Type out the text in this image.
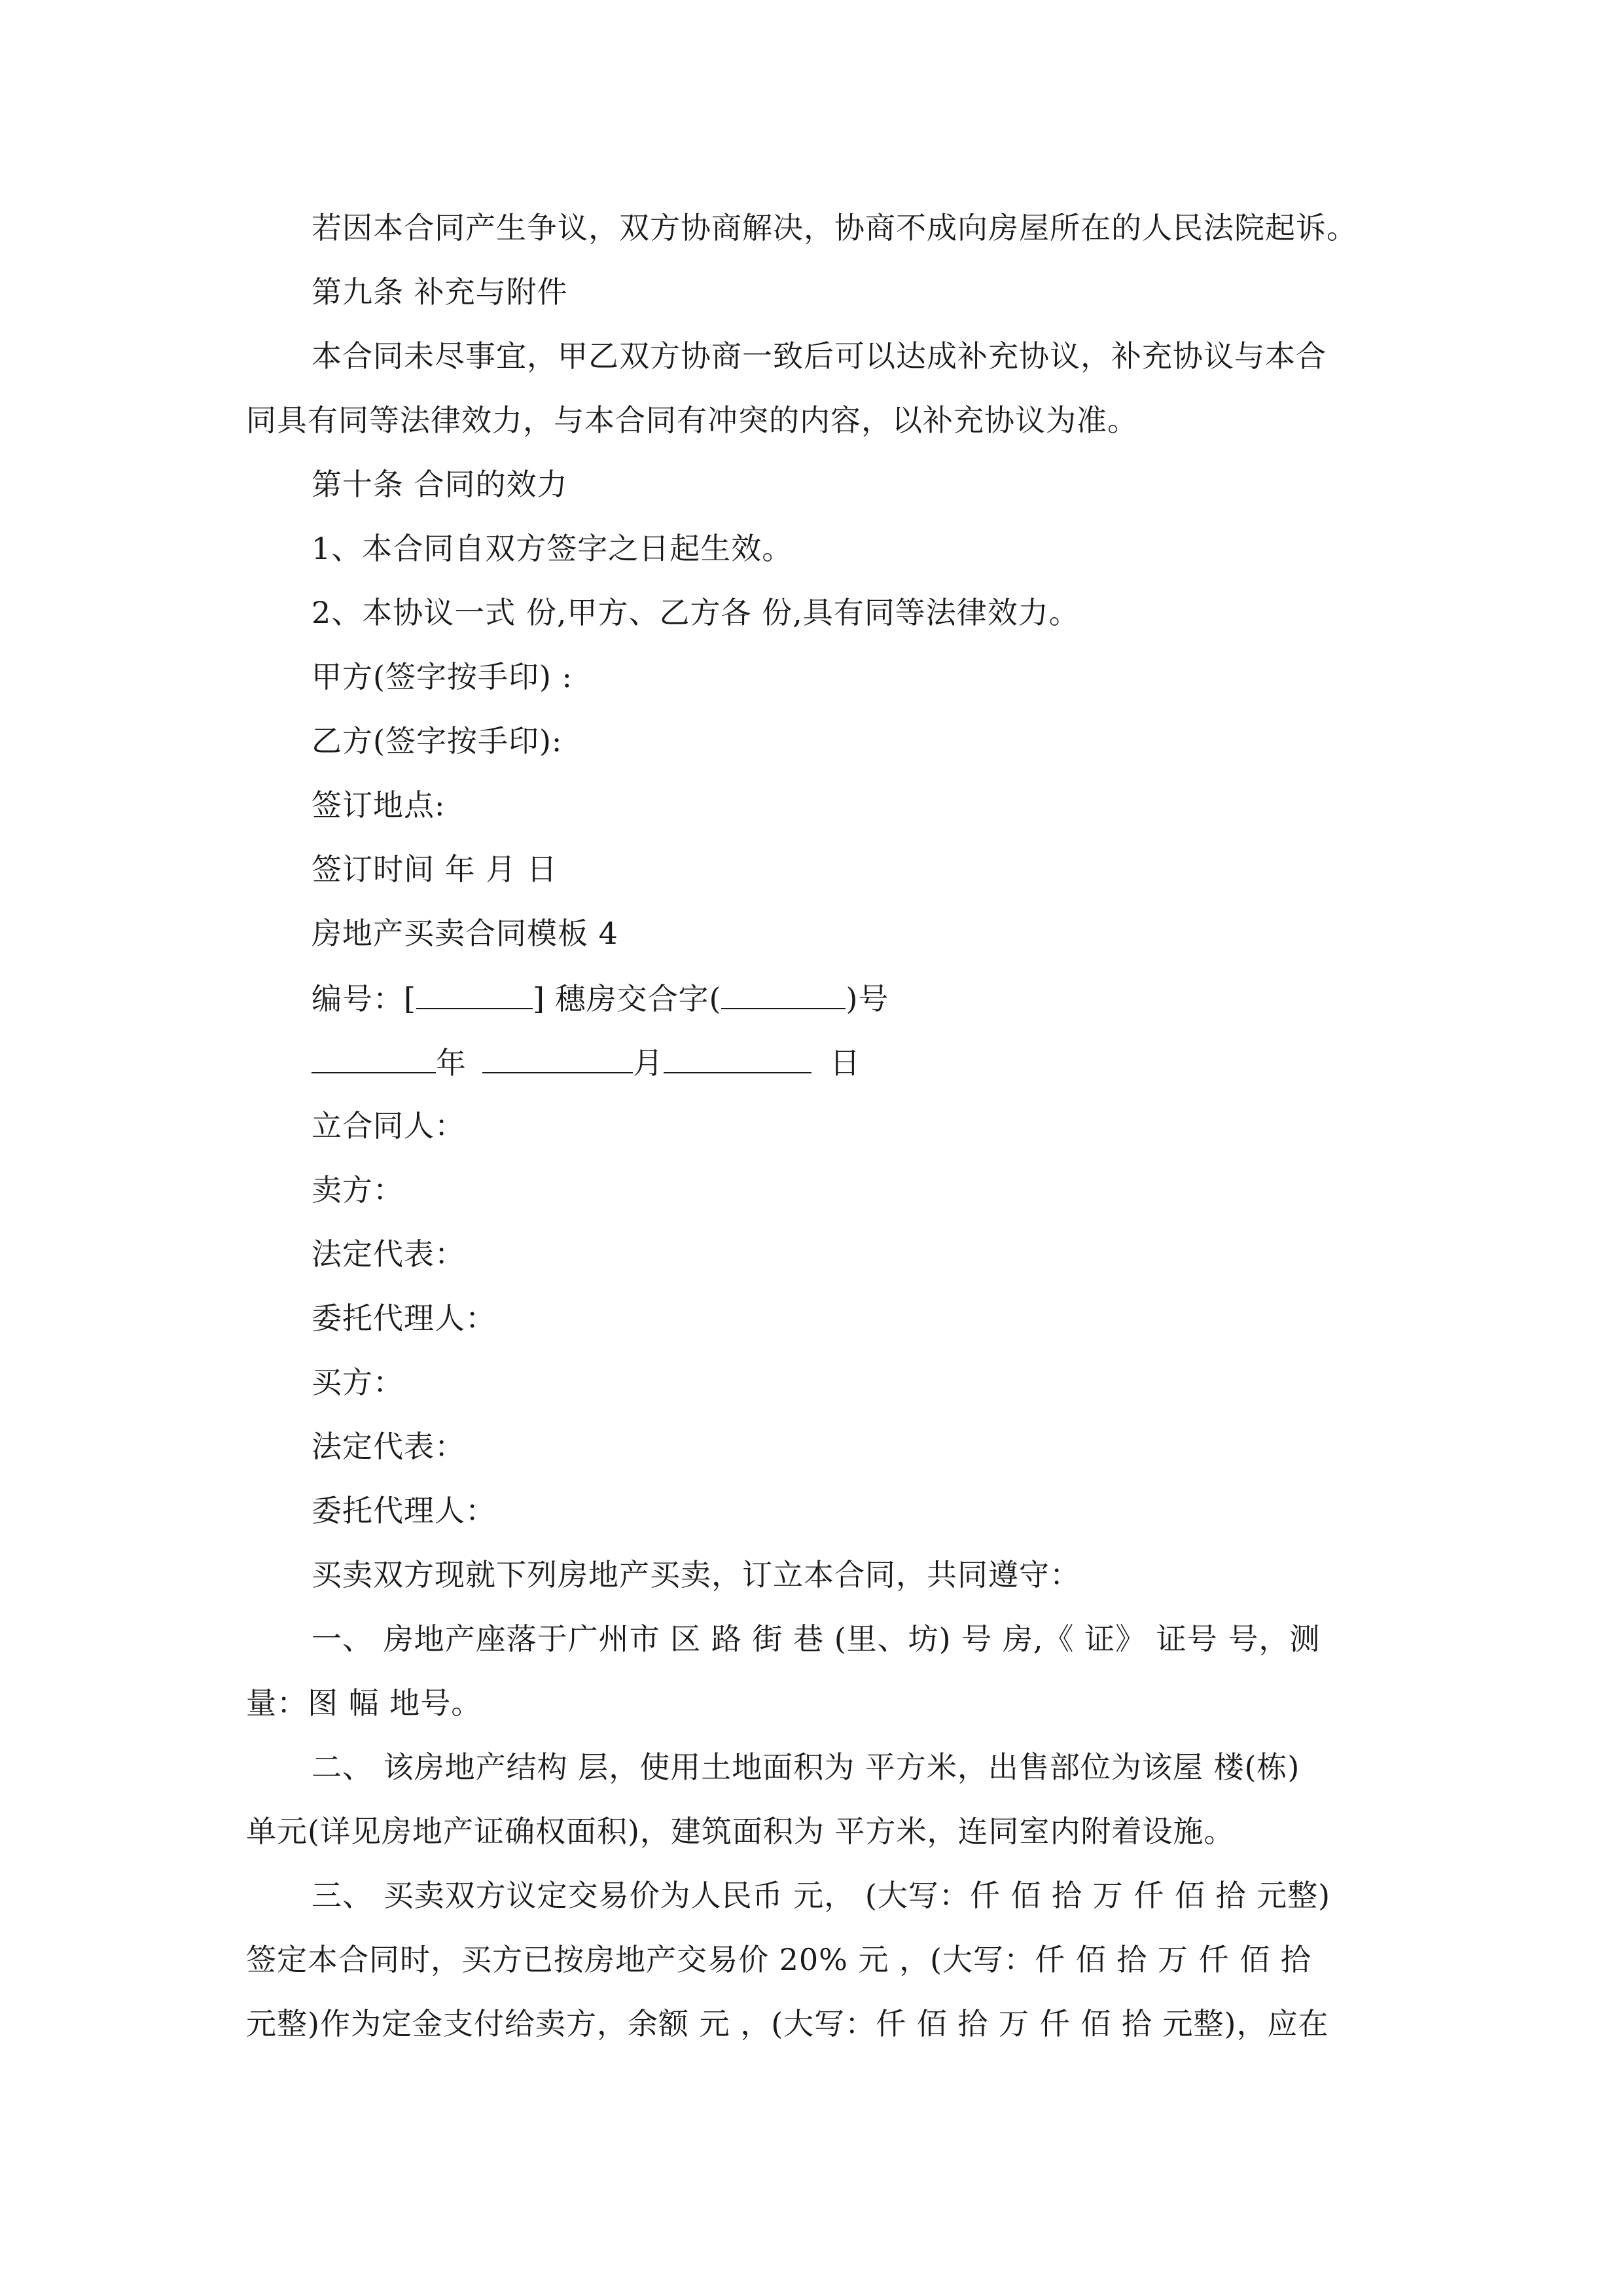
若因本合同产生争议，双方协商解决，协商不成向房屋所在的人民法院起诉。
第九条 补充与附件
本合同未尽事宜，甲乙双方协商一致后可以达成补充协议，补充协议与本合
同具有同等法律效力，与本合同有冲突的内容，以补充协议为准。
第十条 合同的效力
1、本合同自双方签字之日起生效。
2、本协议一式 份,甲方、乙方各 份,具有同等法律效力。
甲方(签字按手印) :
乙方(签字按手印):
签订地点:
签订时间 年 月 日
房地产买卖合同模板 4
编号：[	] 穗房交合字(	)号
年	月	日
立合同人：
卖方：
法定代表：
委托代理人：
买方：
法定代表：
委托代理人：
买卖双方现就下列房地产买卖，订立本合同，共同遵守：
一、 房地产座落于广州市 区 路 街 巷 (里、坊) 号 房,《 证》 证号 号，测
量：图 幅 地号。
二、 该房地产结构 层，使用土地面积为 平方米，出售部位为该屋 楼(栋)
单元(详见房地产证确权面积)，建筑面积为 平方米，连同室内附着设施。
三、 买卖双方议定交易价为人民币 元， (大写：仟 佰 拾 万 仟 佰 拾 元整)
签定本合同时，买方已按房地产交易价 20% 元 ，(大写：仟 佰 拾 万 仟 佰 拾
元整)作为定金支付给卖方，余额 元 ，(大写：仟 佰 拾 万 仟 佰 拾 元整)，应在
